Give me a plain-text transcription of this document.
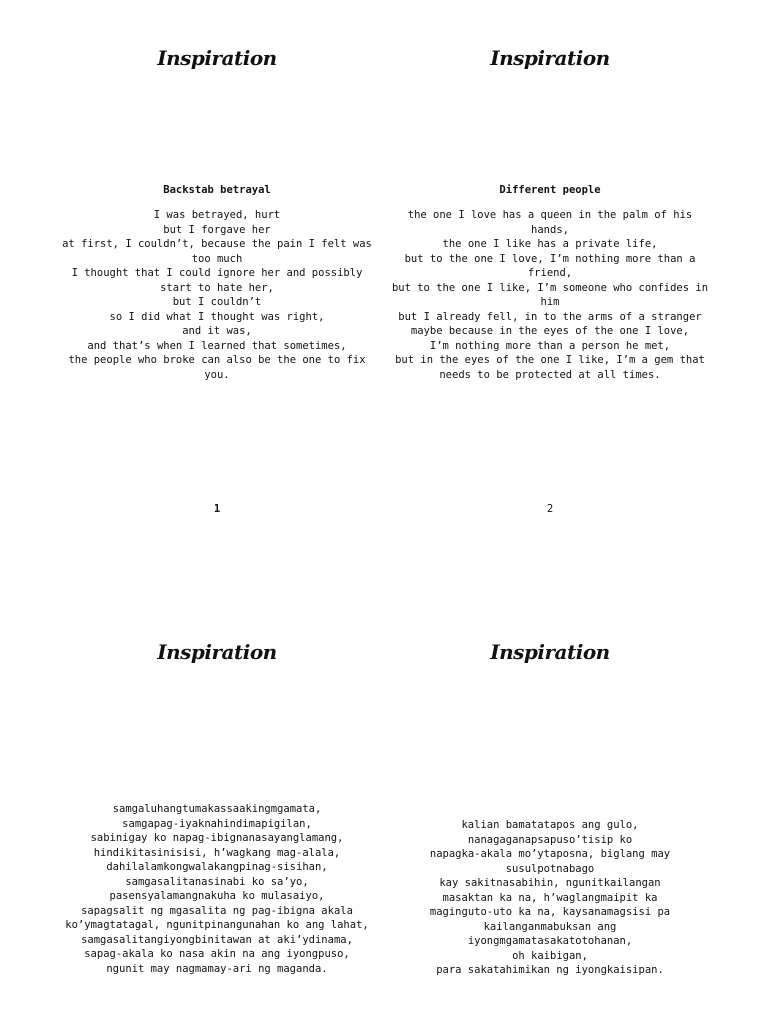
Inspiration
Backstab betrayal
I was betrayed, hurt
but I forgave her
at first, I couldn’t, because the pain I felt was too much
I thought that I could ignore her and possibly start to hate her,
but I couldn’t
so I did what I thought was right,
and it was,
and that’s when I learned that sometimes,
the people who broke can also be the one to fix you.
1
Inspiration
Different people
the one I love has a queen in the palm of his hands,
the one I like has a private life,
but to the one I love, I’m nothing more than a friend,
but to the one I like, I’m someone who confides in him
but I already fell, in to the arms of a stranger
maybe because in the eyes of the one I love,
I’m nothing more than a person he met,
but in the eyes of the one I like, I’m a gem that needs to be protected at all times.
2
Inspiration
samgaluhangtumakassaakingmgamata,
samgapag-iyaknahindimapigilan,
sabinigay ko napag-ibignanasayanglamang,
hindikitasinisisi, h’wagkang mag-alala,
dahilalamkongwalakangpinag-sisihan,
samgasalitanasinabi ko sa’yo,
pasensyalamangnakuha ko mulasaiyo,
sapagsalit ng mgasalita ng pag-ibigna akala ko’ymagtatagal, ngunitpinangunahan ko ang lahat,
samgasalitangiyongbinitawan at aki’ydinama,
sapag-akala ko nasa akin na ang iyongpuso,
ngunit may nagmamay-ari ng maganda.
Inspiration
kalian bamatatapos ang gulo,
nanagaganapsapuso’tisip ko
napagka-akala mo’ytaposna, biglang may susulpotnabago
kay sakitnasabihin, ngunitkailangan
masaktan ka na, h’waglangmaipit ka
maginguto-uto ka na, kaysanamagsisi pa
kailanganmabuksan ang
iyongmgamatasakatotohanan,
oh kaibigan,
para sakatahimikan ng iyongkaisipan.
